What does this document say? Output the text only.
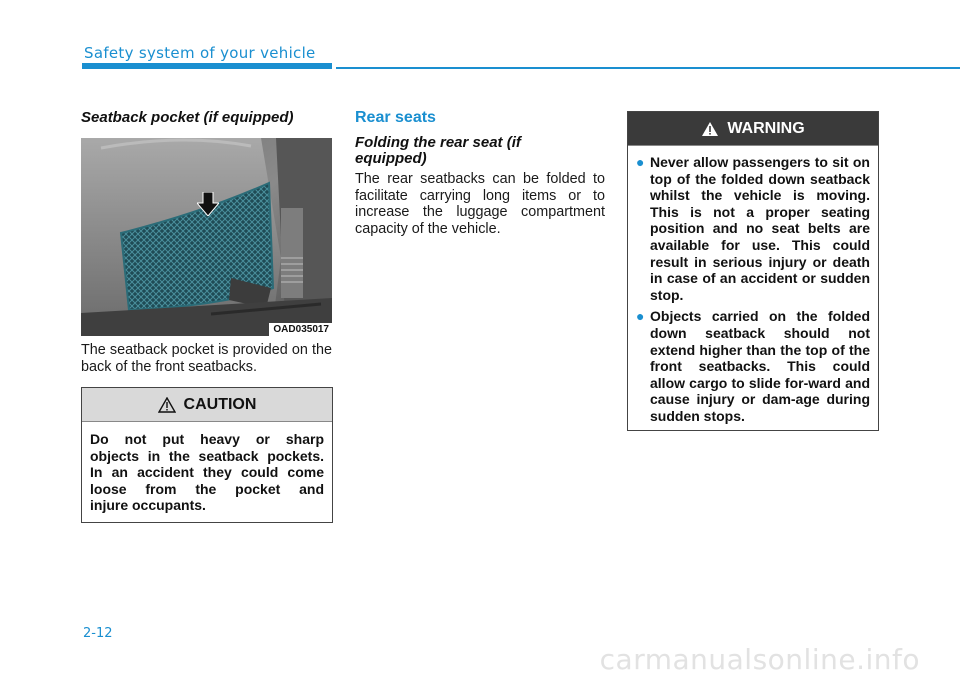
Safety system of your vehicle
Seatback pocket (if equipped)
OAD035017
The seatback pocket is provided on the back of the front seatbacks.
CAUTION
Do not put heavy or sharp
objects in the seatback pockets.
In an accident they could come
loose from the pocket and
injure occupants.
Rear seats
Folding the rear seat (if equipped)
The rear seatbacks can be folded to facilitate carrying long items or to increase the luggage compartment capacity of the vehicle.
WARNING
● Never allow passengers to sit on top of the folded down seatback whilst the vehicle is moving. This is not a proper seating position and no seat belts are available for use. This could result in serious injury or death in case of an accident or sudden stop.
● Objects carried on the folded down seatback should not extend higher than the top of the front seatbacks. This could allow cargo to slide for-ward and cause injury or dam-age during sudden stops.
2-12
carmanualsonline.info
